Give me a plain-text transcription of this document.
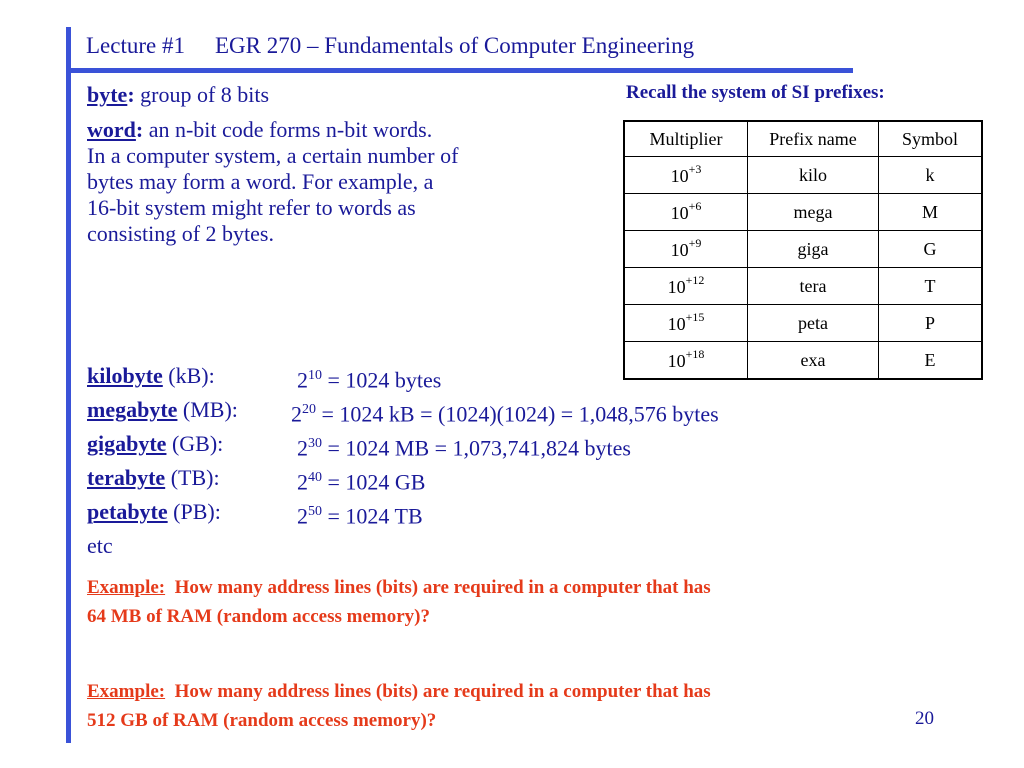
Lecture #1 EGR 270 – Fundamentals of Computer Engineering
byte: group of 8 bits
word: an n-bit code forms n-bit words.
In a computer system, a certain number of
bytes may form a word. For example, a
16-bit system might refer to words as
consisting of 2 bytes.
Recall the system of SI prefixes:
Multiplier	Prefix name	Symbol
$10^{+3}$	kilo	k
$10^{+6}$	mega	M
$10^{+9}$	giga	G
$10^{+12}$	tera	T
$10^{+15}$	peta	P
$10^{+18}$	exa	E
kilobyte (kB):	$2^{10} = 1024$ bytes
megabyte (MB): $2^{20} = 1024$ kB = (1024)(1024) = 1,048,576 bytes
gigabyte (GB):	$2^{30} = 1024$ MB = 1,073,741,824 bytes
terabyte (TB):	$2^{40} = 1024$ GB
petabyte (PB):	$2^{50} = 1024$ TB
etc
Example:  How many address lines (bits) are required in a computer that has
64 MB of RAM (random access memory)?
Example:  How many address lines (bits) are required in a computer that has
512 GB of RAM (random access memory)?	20
